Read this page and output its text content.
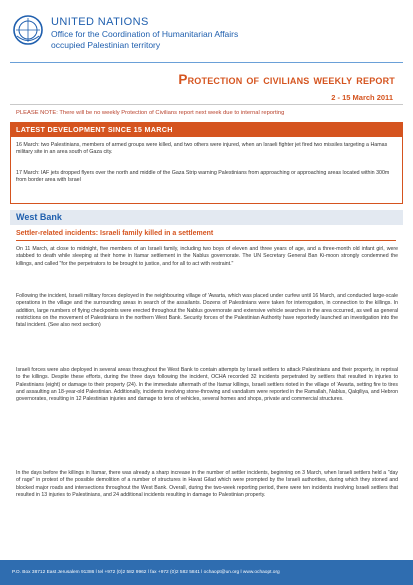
UNITED NATIONS
Office for the Coordination of Humanitarian Affairs
occupied Palestinian territory
Protection of civilians weekly report
2 - 15 March 2011
PLEASE NOTE: There will be no weekly Protection of Civilians report next week due to internal reporting
LATEST DEVELOPMENT SINCE 15 MARCH
16 March: two Palestinians, members of armed groups were killed, and two others were injured, when an Israeli fighter jet fired two missiles targeting a Hamas military site in an area south of Gaza city.
17 March: IAF jets dropped flyers over the north and middle of the Gaza Strip warning Palestinians from approaching or approaching areas located within 300m from border area with Israel
West Bank
Settler-related incidents: Israeli family killed in a settlement
On 11 March, at close to midnight, five members of an Israeli family, including two boys of eleven and three years of age, and a three-month old infant girl, were stabbed to death while sleeping at their home in Itamar settlement in the Nablus governorate. The UN Secretary General Ban Ki-moon strongly condemned the killings, and called "for the perpetrators to be brought to justice, and for all to act with restraint."
Following the incident, Israeli military forces deployed in the neighbouring village of 'Awarta, which was placed under curfew until 16 March, and conducted large-scale operations in the village and the surrounding areas in search of the assailants. Dozens of Palestinians were taken for interrogation, in connection to the killings. In addition, large numbers of flying checkpoints were erected throughout the Nablus governorate and extensive vehicle searches in the area occurred, as well as general restrictions on the movement of Palestinians in the northern West Bank. Security forces of the Palestinian Authority have reportedly launched an investigation into the fatal incident. (See also next section)
Israeli forces were also deployed in several areas throughout the West Bank to contain attempts by Israeli settlers to attack Palestinians and their property, in reprisal to the killings. Despite these efforts, during the three days following the incident, OCHA recorded 32 incidents perpetrated by settlers that resulted in injuries to Palestinians (eight) or damage to their property (24). In the immediate aftermath of the Itamar killings, Israeli settlers rioted in the village of 'Awarta, setting fire to tires and assaulting an 18-year-old Palestinian. Additionally, incidents involving stone-throwing and vandalism were reported in the Ramallah, Nablus, Qalqiliya, and Hebron governorates, resulting in 12 Palestinian injuries and damage to tens of vehicles, several homes and shops, private and commercial structures.
In the days before the killings in Itamar, there was already a sharp increase in the number of settler incidents, beginning on 3 March, when Israeli settlers held a "day of rage" in protest of the possible demolition of a number of structures in Havat Gilad which were prompted by the Israeli authorities, during which they stoned and blocked major roads and intersections throughout the West Bank. Overall, during the two-week reporting period, there were ten incidents involving Israeli settlers that resulted in 13 injuries to Palestinians, and 24 additional incidents resulting in damage to Palestinian property.
P.O. Box 38712 East Jerusalem 91386 l tel +972 (0)2 582 9962 l fax +972 (0)2 582 5841 l ochaopt@un.org l www.ochaopt.org
